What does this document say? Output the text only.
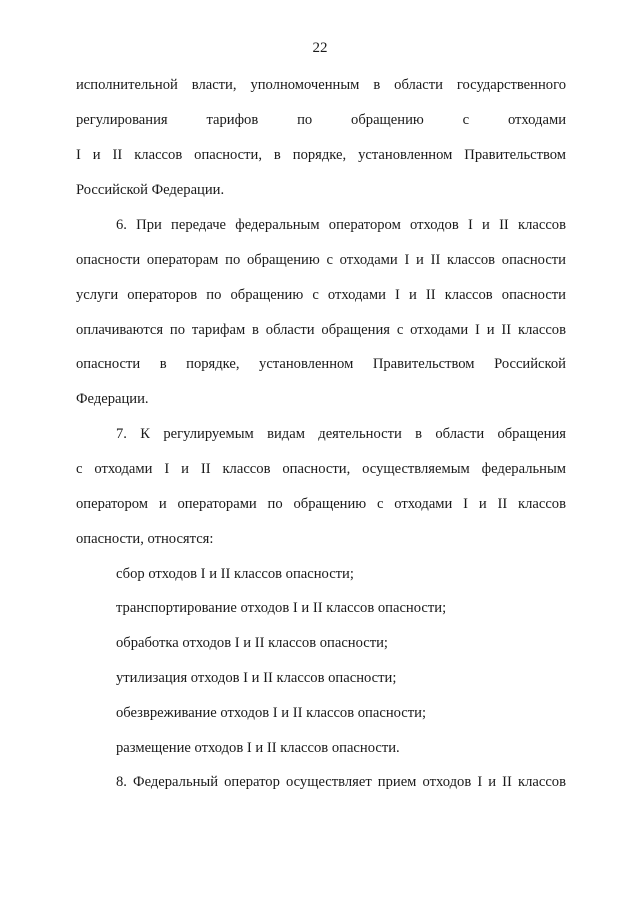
22
исполнительной власти, уполномоченным в области государственного
регулирования тарифов по обращению с отходами
I и II классов опасности, в порядке, установленном Правительством
Российской Федерации.
6. При передаче федеральным оператором отходов I и II классов
опасности операторам по обращению с отходами I и II классов опасности
услуги операторов по обращению с отходами I и II классов опасности
оплачиваются по тарифам в области обращения с отходами I и II классов
опасности в порядке, установленном Правительством Российской
Федерации.
7. К регулируемым видам деятельности в области обращения
с отходами I и II классов опасности, осуществляемым федеральным
оператором и операторами по обращению с отходами I и II классов
опасности, относятся:
сбор отходов I и II классов опасности;
транспортирование отходов I и II классов опасности;
обработка отходов I и II классов опасности;
утилизация отходов I и II классов опасности;
обезвреживание отходов I и II классов опасности;
размещение отходов I и II классов опасности.
8. Федеральный оператор осуществляет прием отходов I и II классов
